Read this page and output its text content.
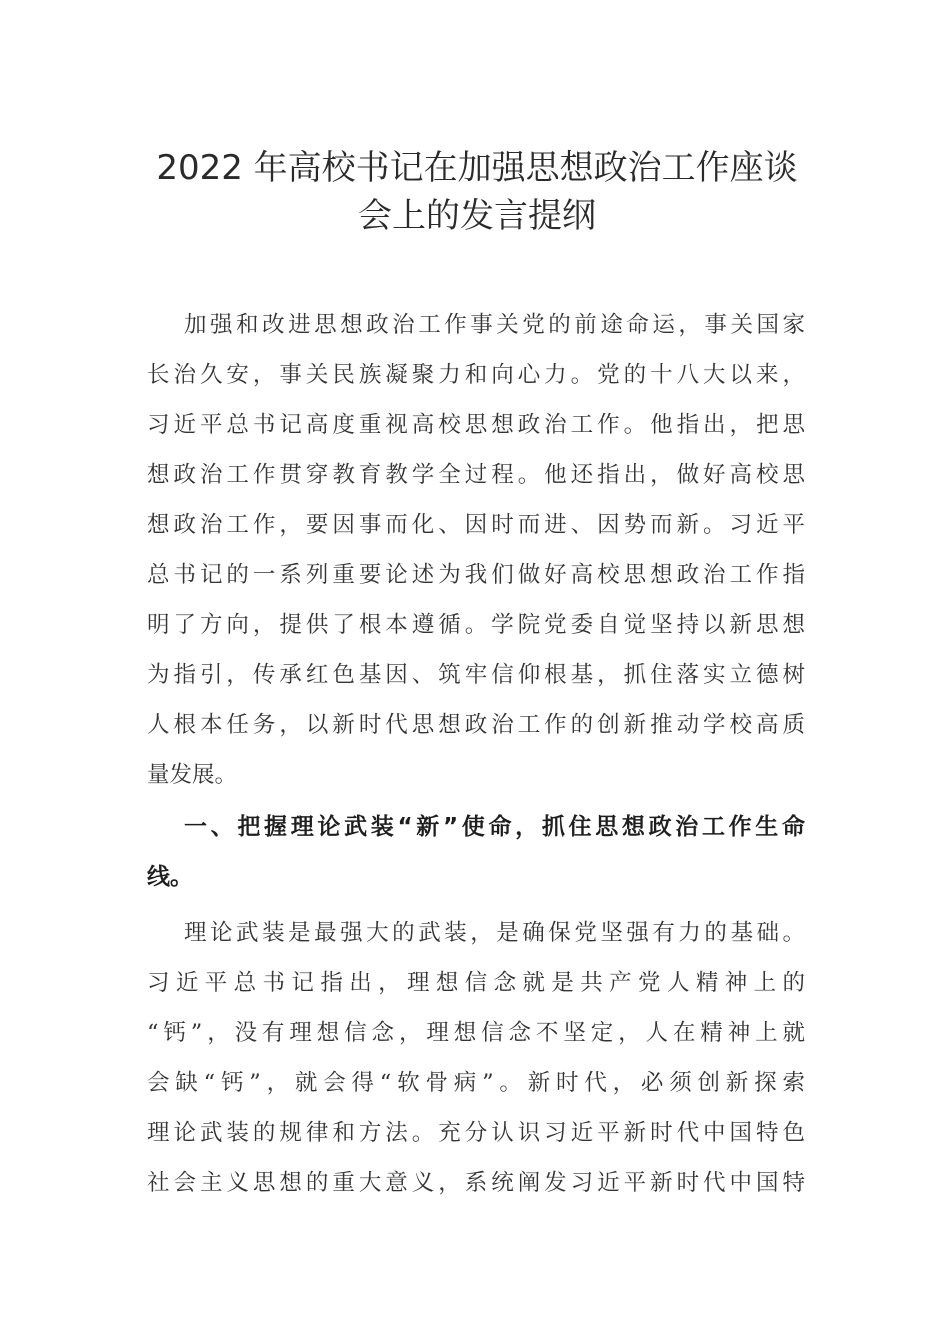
2022 年高校书记在加强思想政治工作座谈
会上的发言提纲
加强和改进思想政治工作事关党的前途命运，事关国家
长治久安，事关民族凝聚力和向心力。党的十八大以来，
习近平总书记高度重视高校思想政治工作。他指出，把思
想政治工作贯穿教育教学全过程。他还指出，做好高校思
想政治工作，要因事而化、因时而进、因势而新。习近平
总书记的一系列重要论述为我们做好高校思想政治工作指
明了方向，提供了根本遵循。学院党委自觉坚持以新思想
为指引，传承红色基因、筑牢信仰根基，抓住落实立德树
人根本任务，以新时代思想政治工作的创新推动学校高质
量发展。
一、把握理论武装“新”使命，抓住思想政治工作生命
线。
理论武装是最强大的武装，是确保党坚强有力的基础。
习近平总书记指出，理想信念就是共产党人精神上的
“钙”，没有理想信念，理想信念不坚定，人在精神上就
会缺“钙”，就会得“软骨病”。新时代，必须创新探索
理论武装的规律和方法。充分认识习近平新时代中国特色
社会主义思想的重大意义，系统阐发习近平新时代中国特
